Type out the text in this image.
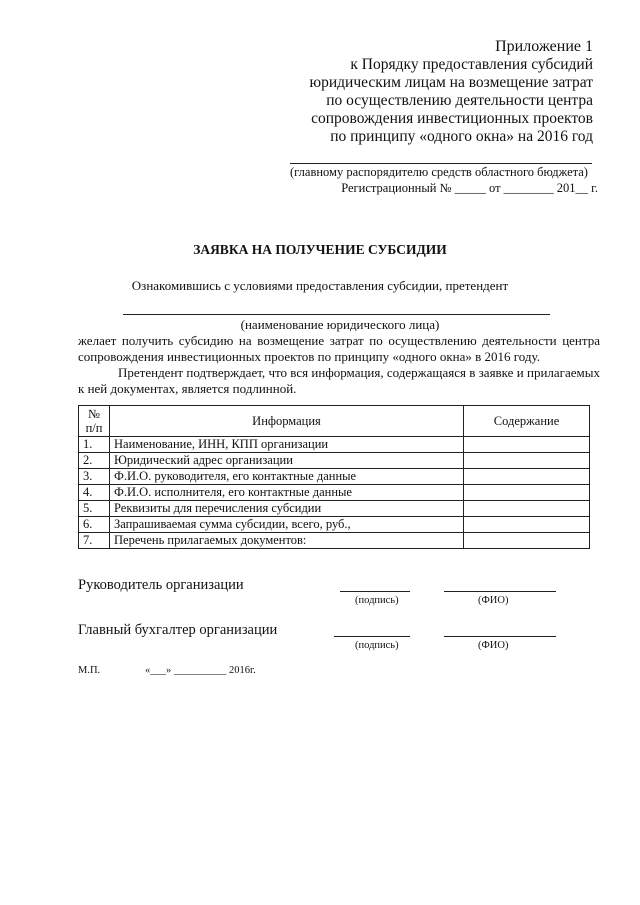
Приложение 1
к Порядку предоставления субсидий
юридическим лицам на возмещение затрат
по осуществлению деятельности центра
сопровождения инвестиционных проектов
по принципу «одного окна» на 2016 год
(главному распорядителю средств областного бюджета)
Регистрационный № _____ от ________ 201__ г.
ЗАЯВКА НА ПОЛУЧЕНИЕ СУБСИДИИ
Ознакомившись с условиями предоставления субсидии, претендент
(наименование юридического лица)

желает получить субсидию на возмещение затрат по осуществлению деятельности центра сопровождения инвестиционных проектов по принципу «одного окна» в 2016 году.

Претендент подтверждает, что вся информация, содержащаяся в заявке и прилагаемых к ней документах, является подлинной.

№
п/п	Информация	Содержание
1.	Наименование, ИНН, КПП организации	
2.	Юридический адрес организации	
3.	Ф.И.О. руководителя, его контактные данные	
4.	Ф.И.О. исполнителя, его контактные данные	
5.	Реквизиты для перечисления субсидии	
6.	Запрашиваемая сумма субсидии, всего, руб.,	
7.	Перечень прилагаемых документов:	
Руководитель организации
(подпись)	(ФИО)
Главный бухгалтер организации
(подпись)	(ФИО)
М.П.	«___» __________ 2016г.
